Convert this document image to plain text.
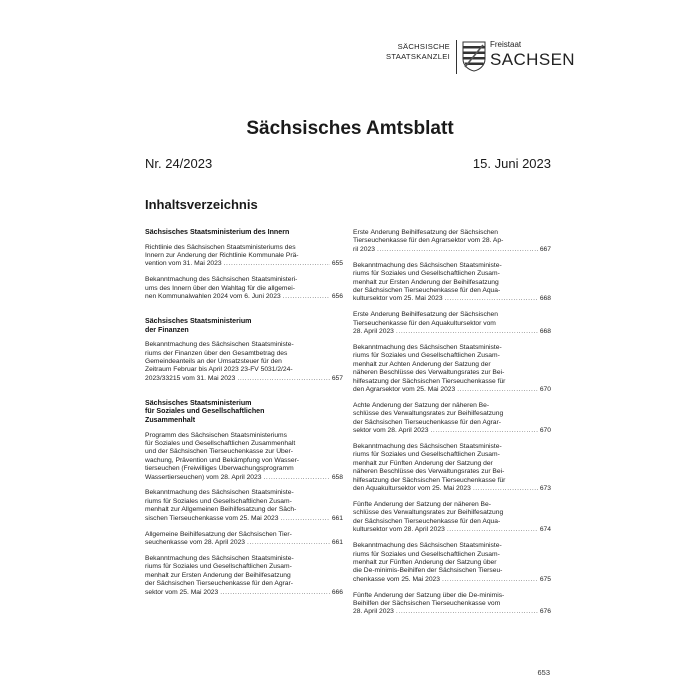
SÄCHSISCHE
STAATSKANZLEI
Freistaat
SACHSEN
Sächsisches Amtsblatt
Nr. 24/2023	15. Juni 2023
Inhaltsverzeichnis
Sächsisches Staatsministerium des Innern
Richtlinie des Sächsischen Staatsministeriums des
Innern zur Änderung der Richtlinie Kommunale Prä-
vention vom 31. Mai 2023 .....	655
Bekanntmachung des Sächsischen Staatsministeri-
ums des Innern über den Wahltag für die allgemei-
nen Kommunalwahlen 2024 vom 6. Juni 2023 .....	656
Sächsisches Staatsministerium
der Finanzen
Bekanntmachung des Sächsischen Staatsministe-
riums der Finanzen über den Gesamtbetrag des
Gemeindeanteils an der Umsatzsteuer für den
Zeitraum Februar bis April 2023 23-FV 5031/2/24-
2023/33215 vom 31. Mai 2023 .....	657
Sächsisches Staatsministerium
für Soziales und Gesellschaftlichen
Zusammenhalt
Programm des Sächsischen Staatsministeriums
für Soziales und Gesellschaftlichen Zusammenhalt
und der Sächsischen Tierseuchenkasse zur Über-
wachung, Prävention und Bekämpfung von Wasser-
tierseuchen (Freiwilliges Überwachungsprogramm
Wassertierseuchen) vom 28. April 2023 .....	658
Bekanntmachung des Sächsischen Staatsministe-
riums für Soziales und Gesellschaftlichen Zusam-
menhalt zur Allgemeinen Beihilfesatzung der Säch-
sischen Tierseuchenkasse vom 25. Mai 2023 .....	661
Allgemeine Beihilfesatzung der Sächsischen Tier-
seuchenkasse vom 28. April 2023 .....	661
Bekanntmachung des Sächsischen Staatsministe-
riums für Soziales und Gesellschaftlichen Zusam-
menhalt zur Ersten Änderung der Beihilfesatzung
der Sächsischen Tierseuchenkasse für den Agrar-
sektor vom 25. Mai 2023 .....	666
Erste Änderung Beihilfesatzung der Sächsischen
Tierseuchenkasse für den Agrarsektor vom 28. Ap-
ril 2023 .....	667
Bekanntmachung des Sächsischen Staatsministe-
riums für Soziales und Gesellschaftlichen Zusam-
menhalt zur Ersten Änderung der Beihilfesatzung
der Sächsischen Tierseuchenkasse für den Aqua-
kultursektor vom 25. Mai 2023 .....	668
Erste Änderung Beihilfesatzung der Sächsischen
Tierseuchenkasse für den Aquakultursektor vom
28. April 2023 .....	668
Bekanntmachung des Sächsischen Staatsministe-
riums für Soziales und Gesellschaftlichen Zusam-
menhalt zur Achten Änderung der Satzung der
näheren Beschlüsse des Verwaltungsrates zur Bei-
hilfesatzung der Sächsischen Tierseuchenkasse für
den Agrarsektor vom 25. Mai 2023 .....	670
Achte Änderung der Satzung der näheren Be-
schlüsse des Verwaltungsrates zur Beihilfesatzung
der Sächsischen Tierseuchenkasse für den Agrar-
sektor vom 28. April 2023 .....	670
Bekanntmachung des Sächsischen Staatsministe-
riums für Soziales und Gesellschaftlichen Zusam-
menhalt zur Fünften Änderung der Satzung der
näheren Beschlüsse des Verwaltungsrates zur Bei-
hilfesatzung der Sächsischen Tierseuchenkasse für
den Aquakultursektor vom 25. Mai 2023 .....	673
Fünfte Änderung der Satzung der näheren Be-
schlüsse des Verwaltungsrates zur Beihilfesatzung
der Sächsischen Tierseuchenkasse für den Aqua-
kultursektor vom 28. April 2023 .....	674
Bekanntmachung des Sächsischen Staatsministe-
riums für Soziales und Gesellschaftlichen Zusam-
menhalt zur Fünften Änderung der Satzung über
die De-minimis-Beihilfen der Sächsischen Tierseu-
chenkasse vom 25. Mai 2023 .....	675
Fünfte Änderung der Satzung über die De-minimis-
Beihilfen der Sächsischen Tierseuchenkasse vom
28. April 2023 .....	676
653
